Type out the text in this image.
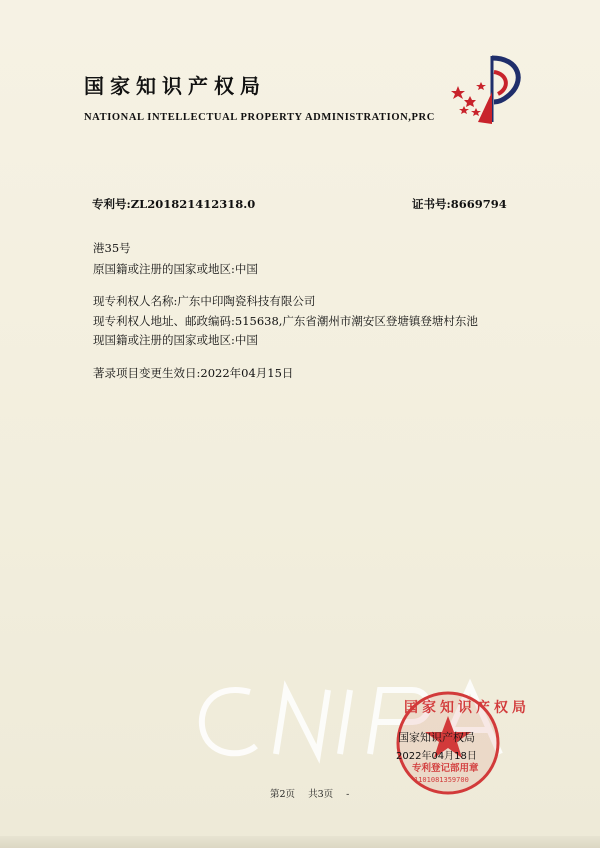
国家知识产权局
NATIONAL INTELLECTUAL PROPERTY ADMINISTRATION,PRC
专利号:ZL201821412318.0	证书号:8669794
港35号
原国籍或注册的国家或地区:中国
现专利权人名称:广东中印陶瓷科技有限公司
现专利权人地址、邮政编码:515638,广东省潮州市潮安区登塘镇登塘村东池
现国籍或注册的国家或地区:中国
著录项目变更生效日:2022年04月15日
国家知识产权局
专利登记部用章
1101081359700
国家知识产权局
2022年04月18日
第2页 共3页 -
